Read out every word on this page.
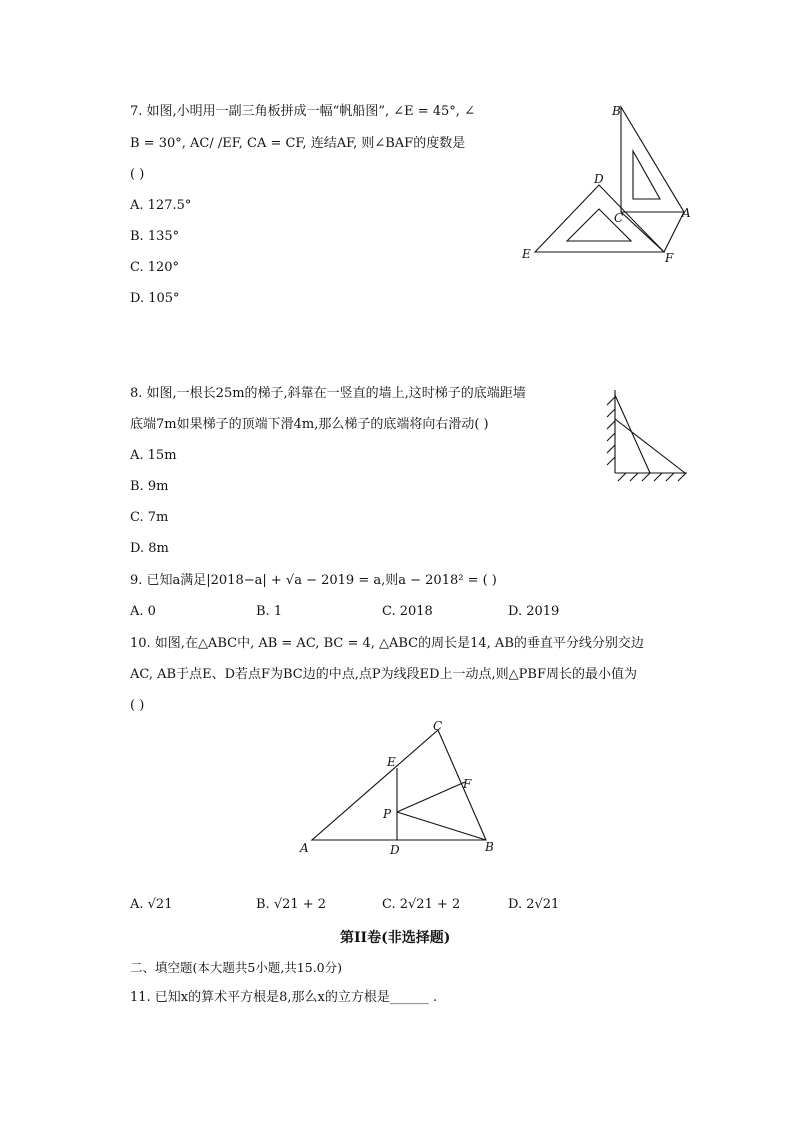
7. 如图,小明用一副三角板拼成一幅“帆船图”, ∠E = 45°, ∠
B = 30°, AC/ /EF, CA = CF, 连结AF, 则∠BAF的度数是
( )
A. 127.5°
B. 135°
C. 120°
D. 105°
B
D
C	A
E	F
8. 如图,一根长25m的梯子,斜靠在一竖直的墙上,这时梯子的底端距墙
底端7m如果梯子的顶端下滑4m,那么梯子的底端将向右滑动( )
A. 15m
B. 9m
C. 7m
D. 8m
9. 已知a满足|2018−a| + √a − 2019 = a,则a − 2018² = ( )
A. 0	B. 1	C. 2018	D. 2019
10. 如图,在△ABC中, AB = AC, BC = 4, △ABC的周长是14, AB的垂直平分线分别交边
AC, AB于点E、D若点F为BC边的中点,点P为线段ED上一动点,则△PBF周长的最小值为
( )
C
E
F
P
A	D	B
A. √21	B. √21 + 2	C. 2√21 + 2	D. 2√21
第II卷(非选择题)
二、填空题(本大题共5小题,共15.0分)
11. 已知x的算术平方根是8,那么x的立方根是______ .
